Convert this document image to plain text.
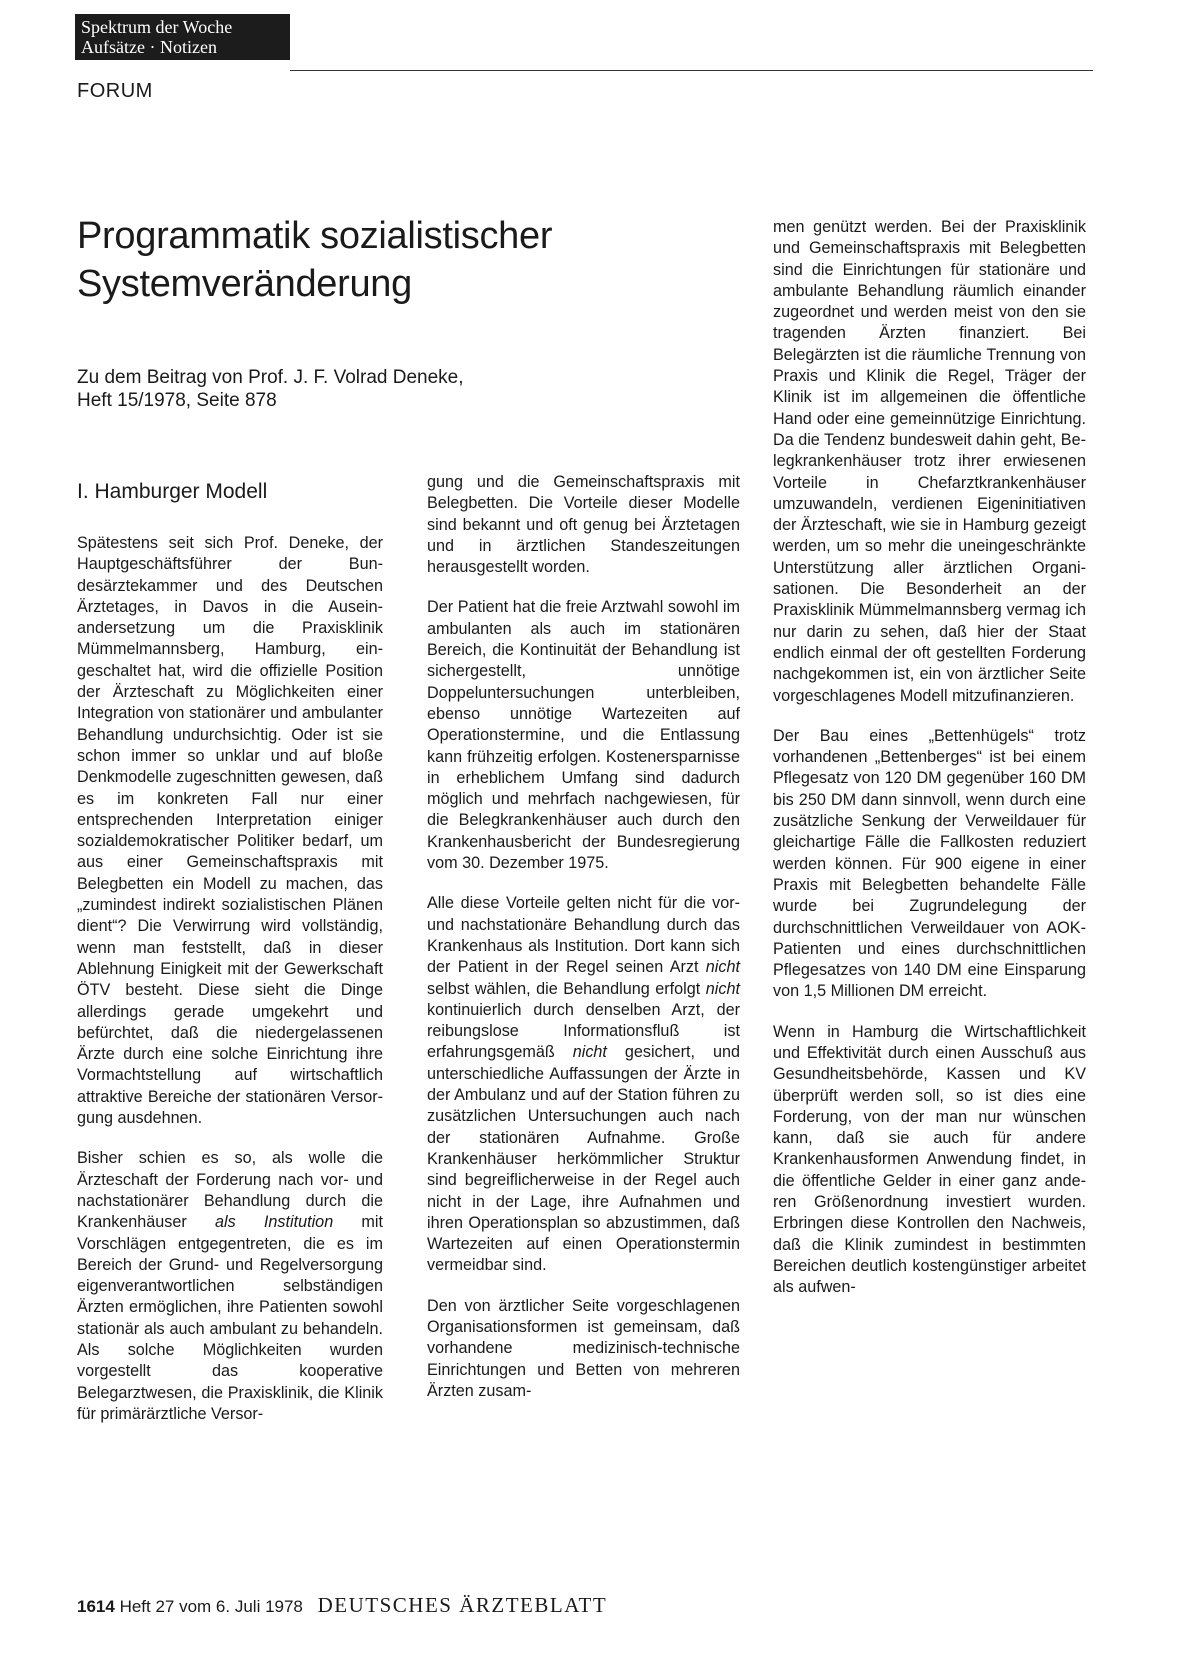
Spektrum der Woche
Aufsätze · Notizen
FORUM
Programmatik sozialistischer
Systemveränderung

Zu dem Beitrag von Prof. J. F. Volrad Deneke,
Heft 15/1978, Seite 878

I. Hamburger Modell

Spätestens seit sich Prof. Deneke, der Hauptgeschäftsführer der Bundesärztekammer und des Deutschen Ärztetages, in Davos in die Auseinandersetzung um die Praxisklinik Mümmelmannsberg, Hamburg, eingeschaltet hat, wird die offizielle Position der Ärzteschaft zu Möglichkeiten einer Integration von stationärer und ambulanter Behandlung undurchsichtig. Oder ist sie schon immer so unklar und auf bloße Denkmodelle zugeschnitten gewesen, daß es im konkreten Fall nur einer entsprechenden Interpretation einiger sozialdemokratischer Politiker bedarf, um aus einer Gemeinschaftspraxis mit Belegbetten ein Modell zu machen, das „zumindest indirekt sozialistischen Plänen dient“? Die Verwirrung wird vollständig, wenn man feststellt, daß in dieser Ablehnung Einigkeit mit der Gewerkschaft ÖTV besteht. Diese sieht die Dinge allerdings gerade umgekehrt und befürchtet, daß die niedergelassenen Ärzte durch eine solche Einrichtung ihre Vormachtstellung auf wirtschaftlich attraktive Bereiche der stationären Versorgung ausdehnen.

Bisher schien es so, als wolle die Ärzteschaft der Forderung nach vor- und nachstationärer Behandlung durch die Krankenhäuser als Institution mit Vorschlägen entgegentreten, die es im Bereich der Grund- und Regelversorgung eigenverantwortlichen selbständigen Ärzten ermöglichen, ihre Patienten sowohl stationär als auch ambulant zu behandeln. Als solche Möglichkeiten wurden vorgestellt das kooperative Belegarztwesen, die Praxisklinik, die Klinik für primärärztliche Versor-

gung und die Gemeinschaftspraxis mit Belegbetten. Die Vorteile dieser Modelle sind bekannt und oft genug bei Ärztetagen und in ärztlichen Standeszeitungen herausgestellt worden.

Der Patient hat die freie Arztwahl sowohl im ambulanten als auch im stationären Bereich, die Kontinuität der Behandlung ist sichergestellt, unnötige Doppeluntersuchungen unterbleiben, ebenso unnötige Wartezeiten auf Operationstermine, und die Entlassung kann frühzeitig erfolgen. Kostenersparnisse in erheblichem Umfang sind dadurch möglich und mehrfach nachgewiesen, für die Belegkrankenhäuser auch durch den Krankenhausbericht der Bundesregierung vom 30. Dezember 1975.

Alle diese Vorteile gelten nicht für die vor- und nachstationäre Behandlung durch das Krankenhaus als Institution. Dort kann sich der Patient in der Regel seinen Arzt nicht selbst wählen, die Behandlung erfolgt nicht kontinuierlich durch denselben Arzt, der reibungslose Informationsfluß ist erfahrungsgemäß nicht gesichert, und unterschiedliche Auffassungen der Ärzte in der Ambulanz und auf der Station führen zu zusätzlichen Untersuchungen auch nach der stationären Aufnahme. Große Krankenhäuser herkömmlicher Struktur sind begreiflicherweise in der Regel auch nicht in der Lage, ihre Aufnahmen und ihren Operationsplan so abzustimmen, daß Wartezeiten auf einen Operationstermin vermeidbar sind.

Den von ärztlicher Seite vorgeschlagenen Organisationsformen ist gemeinsam, daß vorhandene medizinisch-technische Einrichtungen und Betten von mehreren Ärzten zusam-

men genützt werden. Bei der Praxisklinik und Gemeinschaftspraxis mit Belegbetten sind die Einrichtungen für stationäre und ambulante Behandlung räumlich einander zugeordnet und werden meist von den sie tragenden Ärzten finanziert. Bei Belegärzten ist die räumliche Trennung von Praxis und Klinik die Regel, Träger der Klinik ist im allgemeinen die öffentliche Hand oder eine gemeinnützige Einrichtung. Da die Tendenz bundesweit dahin geht, Belegkrankenhäuser trotz ihrer erwiesenen Vorteile in Chefarztkrankenhäuser umzuwandeln, verdienen Eigeninitiativen der Ärzteschaft, wie sie in Hamburg gezeigt werden, um so mehr die uneingeschränkte Unterstützung aller ärztlichen Organisationen. Die Besonderheit an der Praxisklinik Mümmelmannsberg vermag ich nur darin zu sehen, daß hier der Staat endlich einmal der oft gestellten Forderung nachgekommen ist, ein von ärztlicher Seite vorgeschlagenes Modell mitzufinanzieren.

Der Bau eines „Bettenhügels“ trotz vorhandenen „Bettenberges“ ist bei einem Pflegesatz von 120 DM gegenüber 160 DM bis 250 DM dann sinnvoll, wenn durch eine zusätzliche Senkung der Verweildauer für gleichartige Fälle die Fallkosten reduziert werden können. Für 900 eigene in einer Praxis mit Belegbetten behandelte Fälle wurde bei Zugrundelegung der durchschnittlichen Verweildauer von AOK-Patienten und eines durchschnittlichen Pflegesatzes von 140 DM eine Einsparung von 1,5 Millionen DM erreicht.

Wenn in Hamburg die Wirtschaftlichkeit und Effektivität durch einen Ausschuß aus Gesundheitsbehörde, Kassen und KV überprüft werden soll, so ist dies eine Forderung, von der man nur wünschen kann, daß sie auch für andere Krankenhausformen Anwendung findet, in die öffentliche Gelder in einer ganz anderen Größenordnung investiert wurden. Erbringen diese Kontrollen den Nachweis, daß die Klinik zumindest in bestimmten Bereichen deutlich kostengünstiger arbeitet als aufwen-

1614 Heft 27 vom 6. Juli 1978 DEUTSCHES ÄRZTEBLATT
